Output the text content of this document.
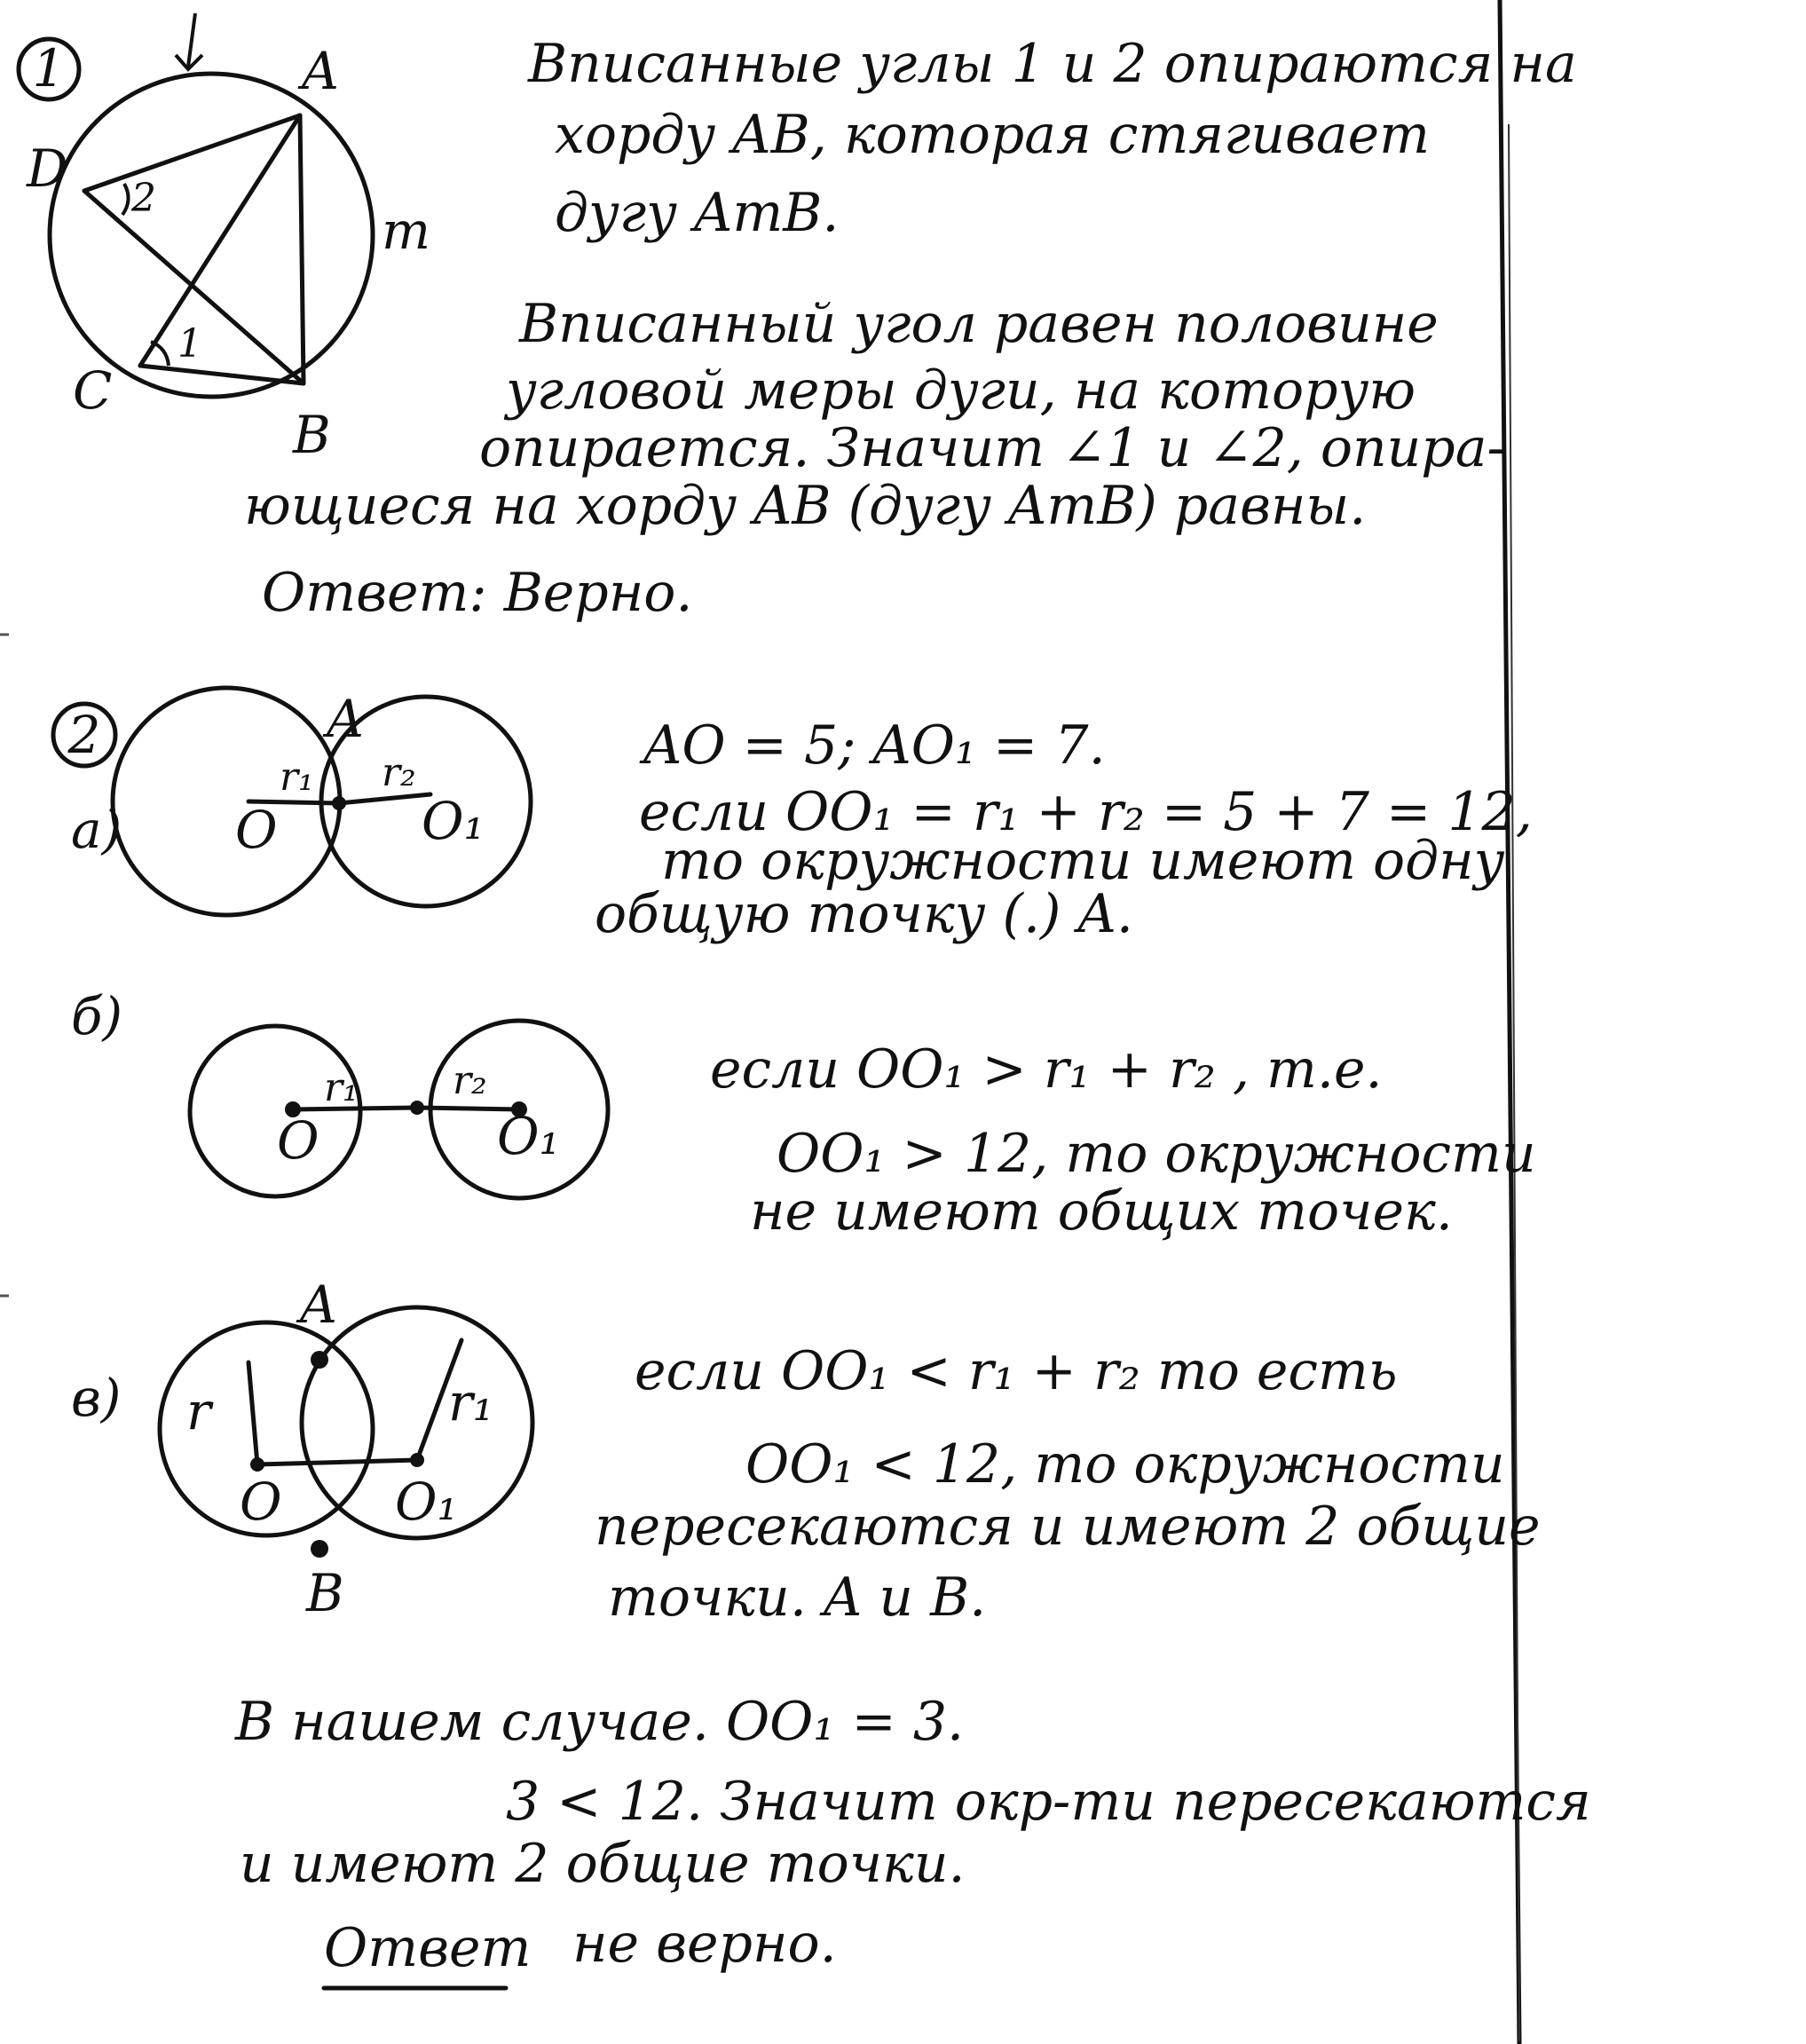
1	A
B
C
D
m
2
1
Вписанные углы 1 и 2 опираются на
хорду AB, которая стягивает
дугу AmB.
Вписанный угол равен половине
угловой меры дуги, на которую
опирается. Значит ∠1 и ∠2, опира-
ющиеся на хорду AB (дугу AmB) равны.
Ответ: Верно.
2	AO = 5; AO₁ = 7.
а)
A
O	O₁
r₁ r₂
если OO₁ = r₁ + r₂ = 5 + 7 = 12,
то окружности имеют одну
общую точку (.) A.
б)
O	O₁
r₁ r₂	если OO₁ > r₁ + r₂ , т.е.
OO₁ > 12, то окружности
не имеют общих точек.
в)
A
B
O O₁
r	r₁	если OO₁ < r₁ + r₂ то есть
OO₁ < 12, то окружности
пересекаются и имеют 2 общие
точки. A и B.
В нашем случае. OO₁ = 3.
3 < 12. Значит окр-ти пересекаются
и имеют 2 общие точки.
Ответ не верно.
